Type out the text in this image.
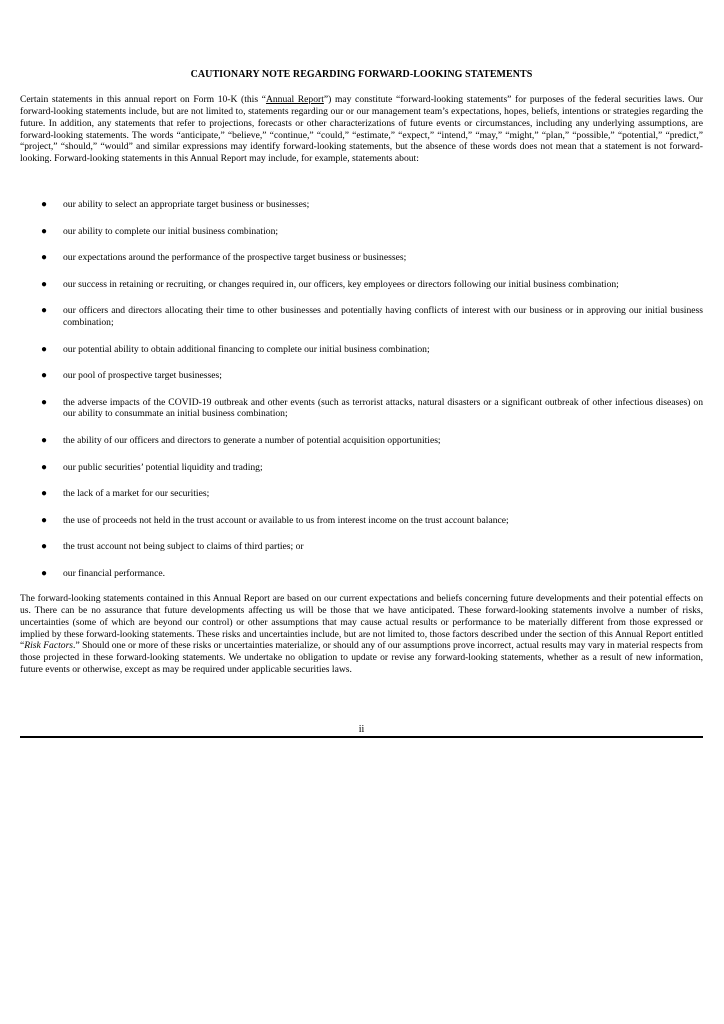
CAUTIONARY NOTE REGARDING FORWARD-LOOKING STATEMENTS

Certain statements in this annual report on Form 10-K (this “Annual Report”) may constitute “forward-looking statements” for purposes of the federal securities laws. Our forward-looking statements include, but are not limited to, statements regarding our or our management team’s expectations, hopes, beliefs, intentions or strategies regarding the future. In addition, any statements that refer to projections, forecasts or other characterizations of future events or circumstances, including any underlying assumptions, are forward-looking statements. The words “anticipate,” “believe,” “continue,” “could,” “estimate,” “expect,” “intend,” “may,” “might,” “plan,” “possible,” “potential,” “predict,” “project,” “should,” “would” and similar expressions may identify forward-looking statements, but the absence of these words does not mean that a statement is not forward-looking. Forward-looking statements in this Annual Report may include, for example, statements about:

● our ability to select an appropriate target business or businesses;
● our ability to complete our initial business combination;
● our expectations around the performance of the prospective target business or businesses;
● our success in retaining or recruiting, or changes required in, our officers, key employees or directors following our initial business combination;
● our officers and directors allocating their time to other businesses and potentially having conflicts of interest with our business or in approving our initial business combination;
● our potential ability to obtain additional financing to complete our initial business combination;
● our pool of prospective target businesses;
● the adverse impacts of the COVID-19 outbreak and other events (such as terrorist attacks, natural disasters or a significant outbreak of other infectious diseases) on our ability to consummate an initial business combination;
● the ability of our officers and directors to generate a number of potential acquisition opportunities;
● our public securities’ potential liquidity and trading;
● the lack of a market for our securities;
● the use of proceeds not held in the trust account or available to us from interest income on the trust account balance;
● the trust account not being subject to claims of third parties; or
● our financial performance.

The forward-looking statements contained in this Annual Report are based on our current expectations and beliefs concerning future developments and their potential effects on us. There can be no assurance that future developments affecting us will be those that we have anticipated. These forward-looking statements involve a number of risks, uncertainties (some of which are beyond our control) or other assumptions that may cause actual results or performance to be materially different from those expressed or implied by these forward-looking statements. These risks and uncertainties include, but are not limited to, those factors described under the section of this Annual Report entitled “Risk Factors.” Should one or more of these risks or uncertainties materialize, or should any of our assumptions prove incorrect, actual results may vary in material respects from those projected in these forward-looking statements. We undertake no obligation to update or revise any forward-looking statements, whether as a result of new information, future events or otherwise, except as may be required under applicable securities laws.

ii
